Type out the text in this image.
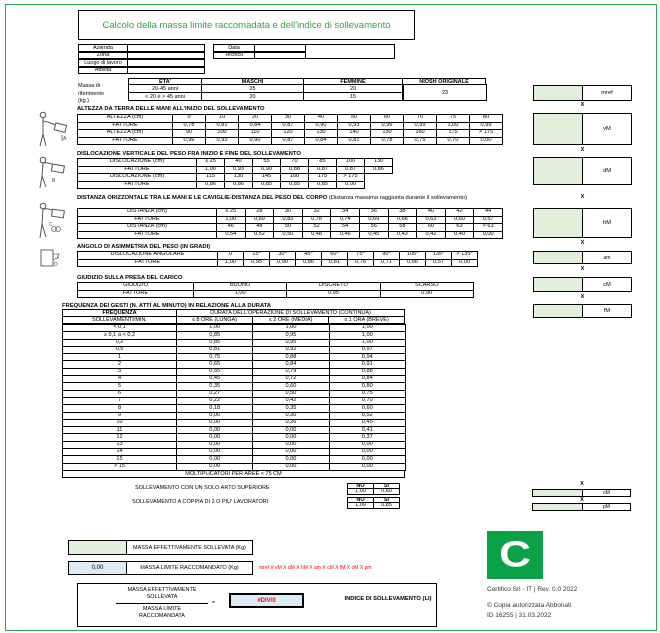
Calcolo della massa limite raccomadata e dell'indice di sollevamento
Azienda
Zona
Luogo di lavoro
Attività
Data
Tecnico
Massa di riferimento
(kg.)
ETA'	MASCHI	FEMMINE	NIOSH ORIGINALE
20-45 anni	25	20
< 20 e > 45 anni	20	15
23
A
B
C
D
ALTEZZA DA TERRA DELLE MANI ALL'INIZIO DEL SOLLEVAMENTO
ALTEZZA (cm)	0	10	20	30	40	50	60	70	75	80
FATTORE	0,78	0,81	0,84	0,87	0,90	0,93	0,96	0,99	1,00	0,99
ALTEZZA (cm)	90	100	110	120	130	140	150	160	175	> 175
FATTORE	0,96	0,93	0,90	0,87	0,84	0,81	0,78	0,75	0,70	0,00
DISLOCAZIONE VERTICALE DEL PESO FRA INIZIO E FINE DEL SOLLEVAMENTO
DISLOCAZIONE (cm)	≤ 25	40	55	70	85	100	130
FATTORE	1,00	0,93	0,90	0,88	0,87	0,87	0,86
DISLOCAZIONE (cm)	115	130	145	160	175	> 175
FATTORE	0,86	0,86	0,85	0,85	0,85	0,00
DISTANZA ORIZZONTALE TRA LE MANI E LE CAVIGLIE-DISTANZA DEL PESO DEL CORPO (Distanza massima raggiunta durante il sollevamento)
DISTANZA (cm)	≤ 25	28	30	32	34	36	38	40	42	44
FATTORE	1,00	0,89	0,83	0,78	0,74	0,69	0,66	0,63	0,60	0,57
DISTANZA (cm)	46	48	50	52	54	56	58	60	63	> 63
FATTORE	0,54	0,52	0,50	0,48	0,46	0,45	0,43	0,42	0,40	0,00
ANGOLO DI ASIMMETRIA DEL PESO (IN GRADI)
DISLOCAZIONE ANGOLARE	0	15°	30°	45°	60°	75°	90°	105°	135°	> 135°
FATTORE	1,00	0,95	0,90	0,86	0,81	0,76	0,71	0,66	0,57	0,00
GIUDIZIO SULLA PRESA DEL CARICO
GIUDIZIO	BUONO	DISCRETO	SCARSO
FATTORE	1,00	0,95	0,90
FREQUENZA DEI GESTI (N. ATTI AL MINUTO) IN RELAZIONE ALLA DURATA
FREQUENZA	DURATA DELL'OPERAZIONE DI SOLLEVAMENTO (CONTINUA)
SOLLEVAMENTI/MIN.	≤ 8 ORE (LUNGA)	≤ 2 ORE (MEDIA)	≤ 1 ORA (BREVE)
< 0,1	1,00	1,00	1,00
≥ 0,1 a < 0,2	0,85	0,95	1,00
0,2	0,85	0,95	1,00
0,5	0,81	0,92	0,97
1	0,75	0,88	0,94
2	0,65	0,84	0,91
3	0,55	0,79	0,88
4	0,45	0,72	0,84
5	0,35	0,60	0,80
6	0,27	0,50	0,75
7	0,22	0,42	0,70
8	0,18	0,35	0,60
9	0,00	0,30	0,52
10	0,00	0,26	0,45
11	0,00	0,00	0,41
12	0,00	0,00	0,37
13	0,00	0,00	0,00
14	0,00	0,00	0,00
15	0,00	0,00	0,00
> 15	0,00	0,00	0,00
MOLTIPLICATORI PER AREE < 75 CM
SOLLEVAMENTO CON UN SOLO ARTO SUPERIORE	NO	SI
1,00	0,60
SOLLEVAMENTO A COPPIA DI 2 O PIU' LAVORATORI	NO	SI
1,00	0,85
MASSA EFFETTIVAMENTE SOLLEVATA (Kg)
0,00	MASSA LIMITE RACCOMANDATO (Kg)	mref X vM X dM X hM X am X cM X fM X oM X pm
MASSA EFFETTIVAMENTE
SOLLEVATA
MASSA LIMITE
RACCOMANDATA
=	#DIV/0	INDICE DI SOLLEVAMENTO (LI)
mref
X
vM
X
dM
X
hM
X
am
X
cM
X
fM
X
oM
X
pM
C
Certifico Srl - IT | Rev. 0.0 2022
© Copia autorizzata Abbonati
ID 16255 | 31.03.2022
